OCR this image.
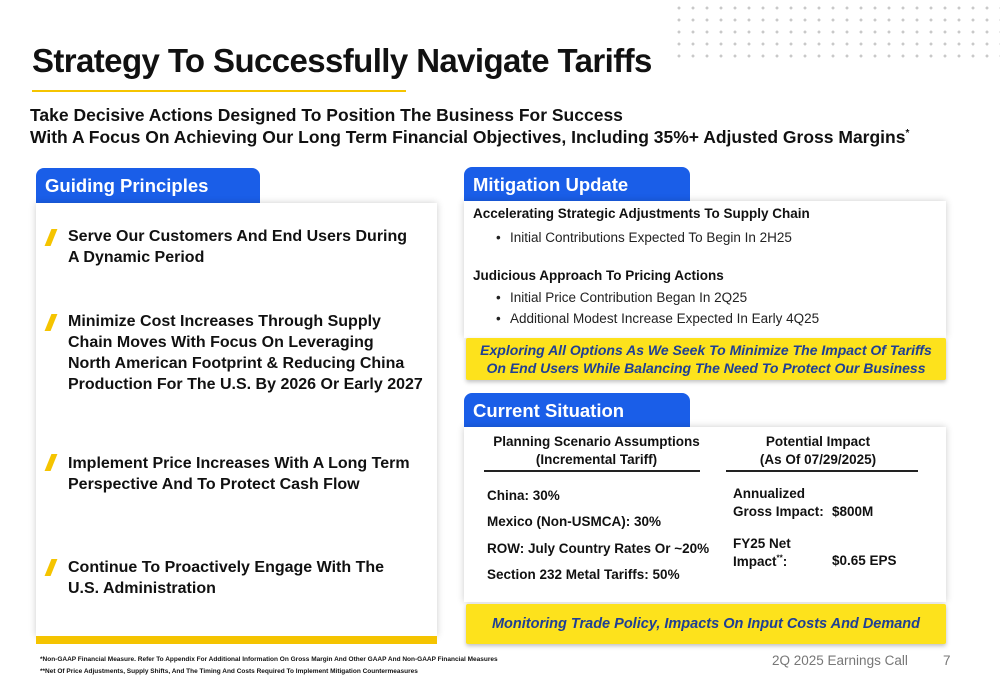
Strategy To Successfully Navigate Tariffs
Take Decisive Actions Designed To Position The Business For Success
With A Focus On Achieving Our Long Term Financial Objectives, Including 35%+ Adjusted Gross Margins*
Guiding Principles
Serve Our Customers And End Users During
A Dynamic Period
Minimize Cost Increases Through Supply
Chain Moves With Focus On Leveraging
North American Footprint & Reducing China
Production For The U.S. By 2026 Or Early 2027
Implement Price Increases With A Long Term
Perspective And To Protect Cash Flow
Continue To Proactively Engage With The
U.S. Administration
Mitigation Update
Accelerating Strategic Adjustments To Supply Chain
• Initial Contributions Expected To Begin In 2H25
Judicious Approach To Pricing Actions
• Initial Price Contribution Began In 2Q25
• Additional Modest Increase Expected In Early 4Q25
Exploring All Options As We Seek To Minimize The Impact Of Tariffs
On End Users While Balancing The Need To Protect Our Business
Current Situation
Planning Scenario Assumptions
(Incremental Tariff)
Potential Impact
(As Of 07/29/2025)
China: 30%
Mexico (Non-USMCA): 30%
ROW: July Country Rates Or ~20%
Section 232 Metal Tariffs: 50%
Annualized
Gross Impact: $800M
FY25 Net
Impact**:	$0.65 EPS
Monitoring Trade Policy, Impacts On Input Costs And Demand
*Non-GAAP Financial Measure. Refer To Appendix For Additional Information On Gross Margin And Other GAAP And Non-GAAP Financial Measures
**Net Of Price Adjustments, Supply Shifts, And The Timing And Costs Required To Implement Mitigation Countermeasures
2Q 2025 Earnings Call	7
